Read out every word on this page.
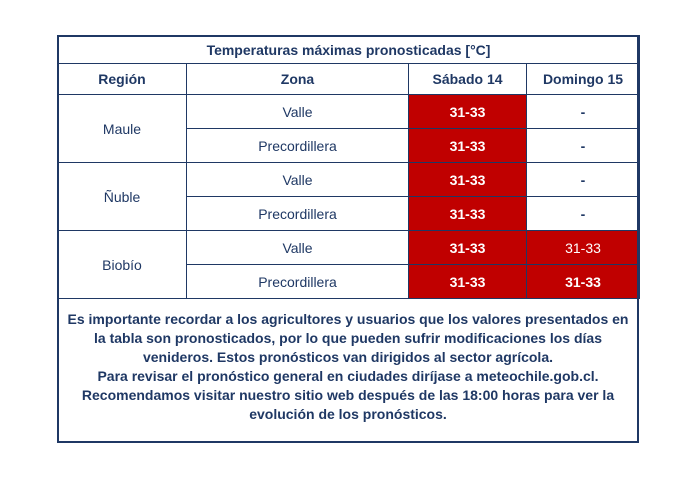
Temperaturas máximas pronosticadas [°C]			
Región	Zona	Sábado 14	Domingo 15
Maule	Valle	31-33	-
	Precordillera	31-33	-
Ñuble	Valle	31-33	-
	Precordillera	31-33	-
Biobío	Valle	31-33	31-33
	Precordillera	31-33	31-33
Es importante recordar a los agricultores y usuarios que los valores presentados en
la tabla son pronosticados, por lo que pueden sufrir modificaciones los días
venideros. Estos pronósticos van dirigidos al sector agrícola.
Para revisar el pronóstico general en ciudades diríjase a meteochile.gob.cl.
Recomendamos visitar nuestro sitio web después de las 18:00 horas para ver la
evolución de los pronósticos.
